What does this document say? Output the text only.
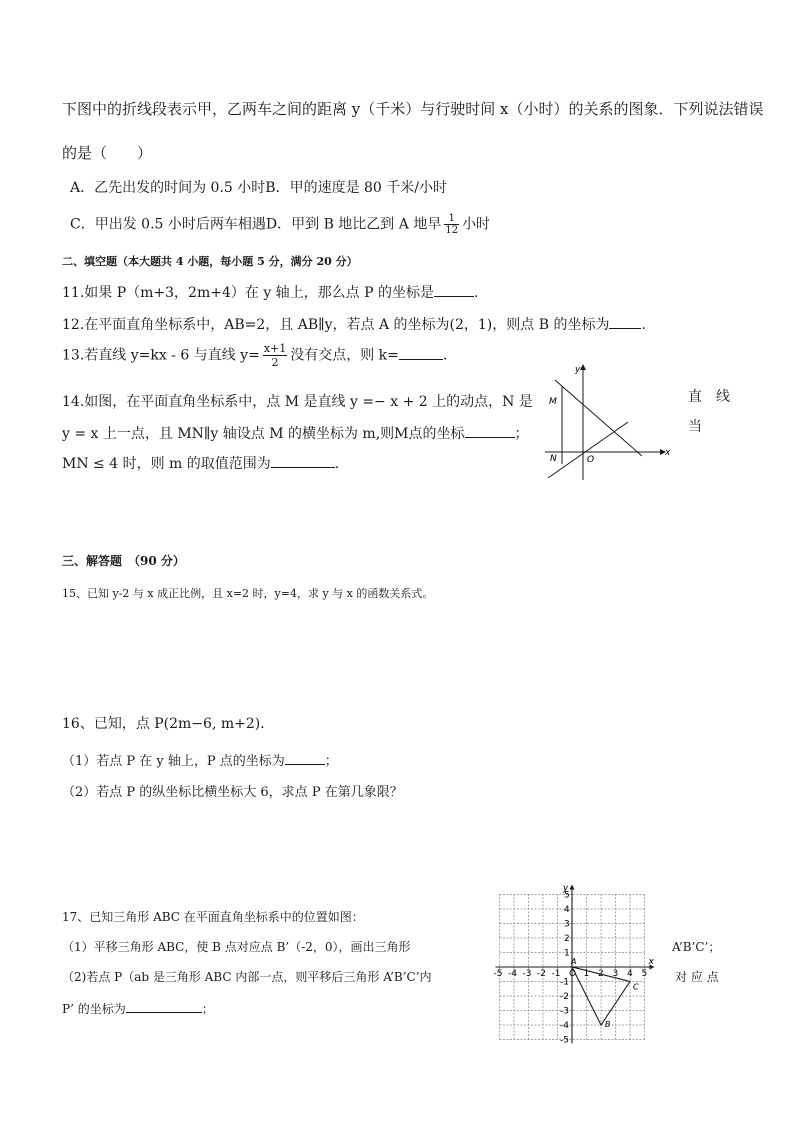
下图中的折线段表示甲，乙两车之间的距离 y（千米）与行驶时间 x（小时）的关系的图象．下列说法错误
的是（　　）
A．乙先出发的时间为 0.5 小时B．甲的速度是 80 千米/小时
C．甲出发 0.5 小时后两车相遇D．甲到 B 地比乙到 A 地早 $\frac{1}{12}$ 小时
二、填空题（本大题共 4 小题，每小题 5 分，满分 20 分）
11.如果 P（m+3，2m+4）在 y 轴上，那么点 P 的坐标是	.
12.在平面直角坐标系中，AB=2，且 AB∥y，若点 A 的坐标为(2，1)，则点 B 的坐标为 .
13.若直线 y=kx - 6 与直线 $y= \frac{x+1}{2}$ 没有交点，则 k=	.
14.如图，在平面直角坐标系中，点 M 是直线 y =− x + 2 上的动点，N 是
y = x 上一点，且 MN∥y 轴设点 M 的横坐标为 m,则M点的坐标	；
MN ≤ 4 时，则 m 的取值范围为	.
直　线
当
y
x
M
N	O
三、解答题　（90 分）
15、已知 y-2 与 x 成正比例，且 x=2 时，y=4，求 y 与 x 的函数关系式。
16、已知，点 P(2m−6, m+2)．
（1）若点 P 在 y 轴上，P 点的坐标为	；
（2）若点 P 的纵坐标比横坐标大 6，求点 P 在第几象限？
17、已知三角形 ABC 在平面直角坐标系中的位置如图：
（1）平移三角形 ABC，使 B 点对应点 B’（-2，0），画出三角形	A’B’C’；
（2)若点 P（ab 是三角形 ABC 内部一点，则平移后三角形 A’B’C’内	对 应 点
P’ 的坐标为	；
x
y
-5 -4 -3 -2 -1 O 1 2 3 4 5
5
4
3
2
1
-1
-2
-3
-4
-5
A
B
C
